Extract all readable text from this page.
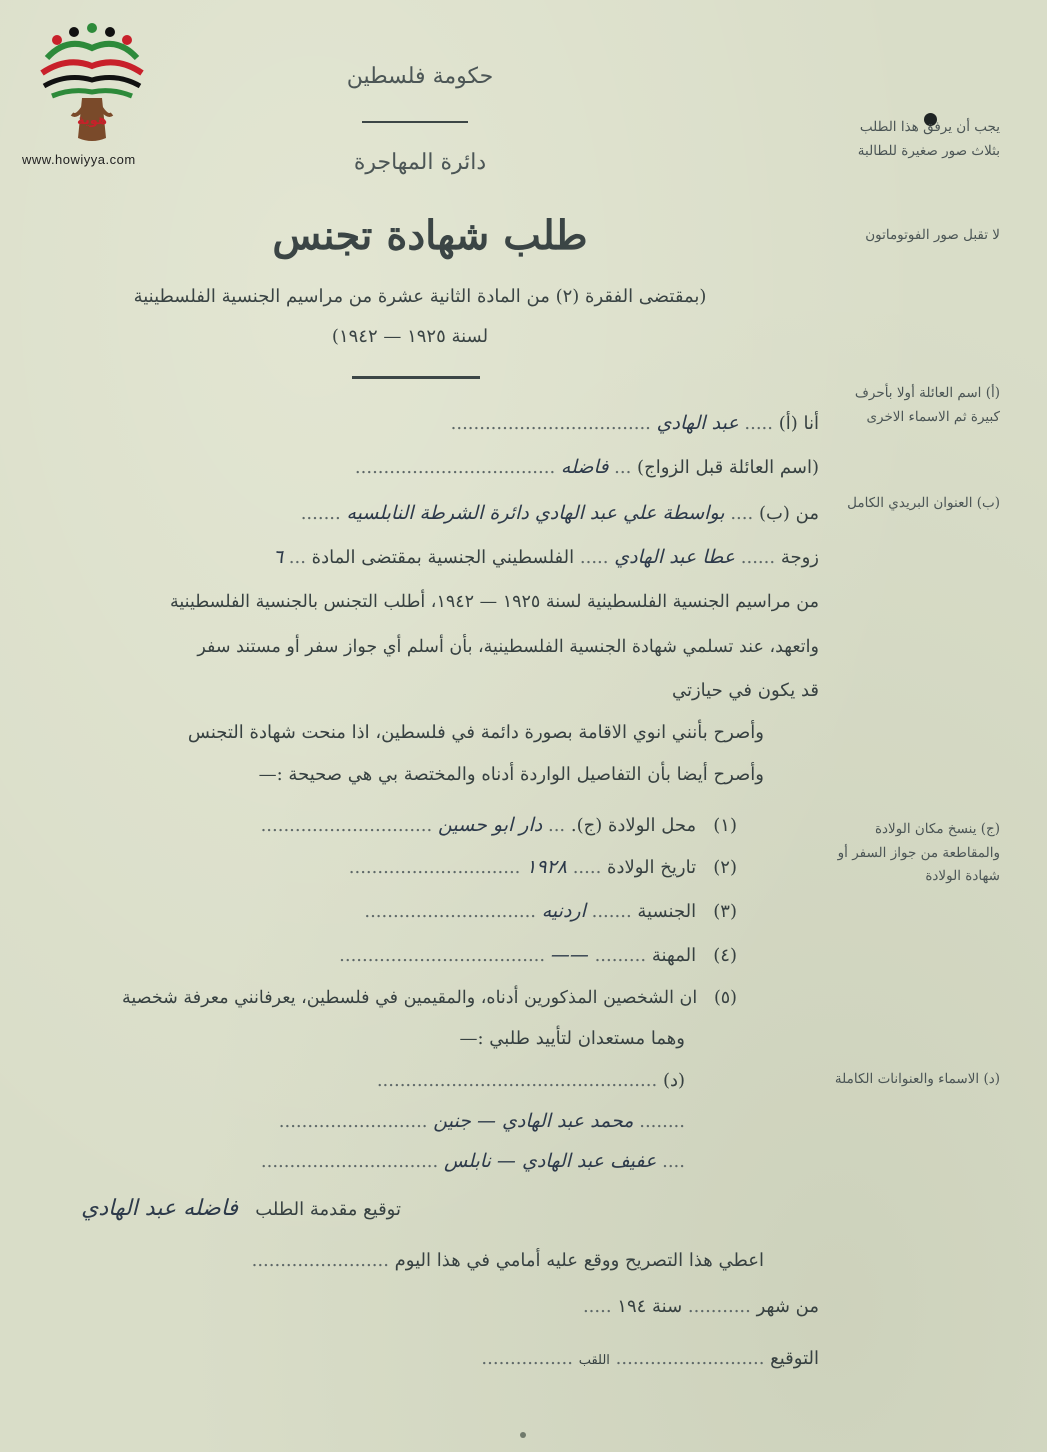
هوية
www.howiyya.com
حكومة فلسطين
دائرة المهاجرة
طلب شهادة تجنس
(بمقتضى الفقرة (٢) من المادة الثانية عشرة من مراسيم الجنسية الفلسطينية
لسنة ١٩٢٥ — ١٩٤٢)
يجب أن يرفق هذا الطلب بثلاث صور صغيرة للطالبة
لا تقبل صور الفوتوماتون
(أ) اسم العائلة أولا بأحرف كبيرة ثم الاسماء الاخرى
(ب) العنوان البريدي الكامل
(ج) ينسخ مكان الولادة والمقاطعة من جواز السفر أو شهادة الولادة
(د) الاسماء والعنوانات الكاملة
أنا (أ) ..... عبد الهادي ...................................
(اسم العائلة قبل الزواج) ... فاضله ...................................
من (ب) .... بواسطة علي عبد الهادي دائرة الشرطة النابلسيه .......
زوجة ...... عطا عبد الهادي ..... الفلسطيني الجنسية بمقتضى المادة ... ٦
من مراسيم الجنسية الفلسطينية لسنة ١٩٢٥ — ١٩٤٢، أطلب التجنس بالجنسية الفلسطينية
واتعهد، عند تسلمي شهادة الجنسية الفلسطينية، بأن أسلم أي جواز سفر أو مستند سفر
قد يكون في حيازتي
وأصرح بأنني انوي الاقامة بصورة دائمة في فلسطين، اذا منحت شهادة التجنس
وأصرح أيضا بأن التفاصيل الواردة أدناه والمختصة بي هي صحيحة :—
(١)   محل الولادة (ج). ... دار ابو حسين ..............................
(٢)   تاريخ الولادة ..... ١٩٢٨ ..............................
(٣)   الجنسية ....... اردنيه ..............................
(٤)   المهنة ......... —— ....................................
(٥)   ان الشخصين المذكورين أدناه، والمقيمين في فلسطين، يعرفانني معرفة شخصية
وهما مستعدان لتأييد طلبي :—
(د) .................................................
........ محمد عبد الهادي — جنين ..........................
.... عفيف عبد الهادي — نابلس ...............................
توقيع مقدمة الطلب   فاضله عبد الهادي
اعطي هذا التصريح ووقع عليه أمامي في هذا اليوم ........................
من شهر ........... سنة ١٩٤ .....
التوقيع .......................... اللقب ................
